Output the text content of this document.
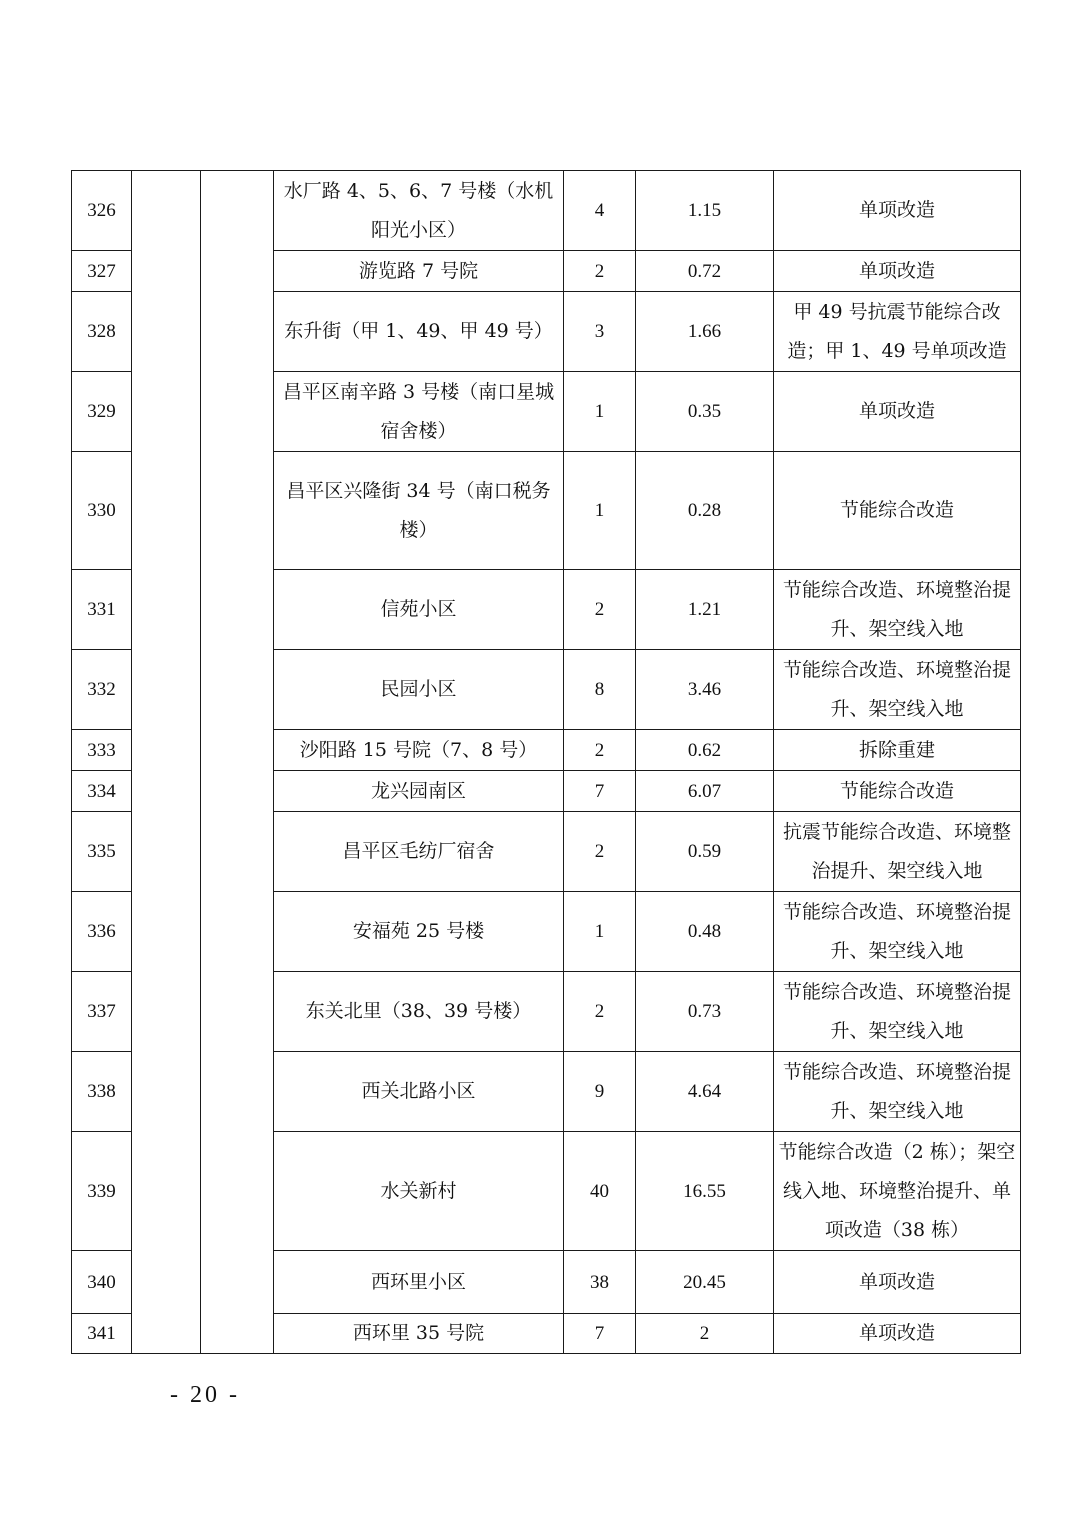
326			水厂路 4、5、6、7 号楼（水机阳光小区）	4	1.15	单项改造
327			游览路 7 号院	2	0.72	单项改造
328			东升街（甲 1、49、甲 49 号）	3	1.66	甲 49 号抗震节能综合改造；甲 1、49 号单项改造
329			昌平区南辛路 3 号楼（南口星城宿舍楼）	1	0.35	单项改造
330			昌平区兴隆街 34 号（南口税务楼）	1	0.28	节能综合改造
331			信苑小区	2	1.21	节能综合改造、环境整治提升、架空线入地
332			民园小区	8	3.46	节能综合改造、环境整治提升、架空线入地
333			沙阳路 15 号院（7、8 号）	2	0.62	拆除重建
334			龙兴园南区	7	6.07	节能综合改造
335			昌平区毛纺厂宿舍	2	0.59	抗震节能综合改造、环境整治提升、架空线入地
336			安福苑 25 号楼	1	0.48	节能综合改造、环境整治提升、架空线入地
337			东关北里（38、39 号楼）	2	0.73	节能综合改造、环境整治提升、架空线入地
338			西关北路小区	9	4.64	节能综合改造、环境整治提升、架空线入地
339			水关新村	40	16.55	节能综合改造（2 栋）；架空线入地、环境整治提升、单项改造（38 栋）
340			西环里小区	38	20.45	单项改造
341			西环里 35 号院	7	2	单项改造
- 20 -
